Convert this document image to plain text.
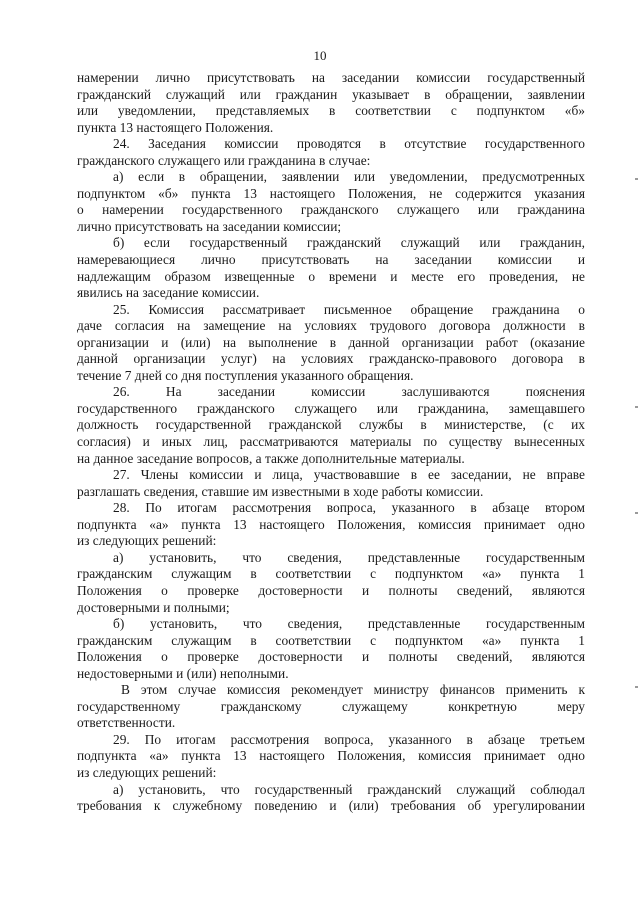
10
намерении лично присутствовать на заседании комиссии государственный
гражданский служащий или гражданин указывает в обращении, заявлении
или уведомлении, представляемых в соответствии с подпунктом «б»
пункта 13 настоящего Положения.
24. Заседания комиссии проводятся в отсутствие государственного
гражданского служащего или гражданина в случае:
а) если в обращении, заявлении или уведомлении, предусмотренных
подпунктом «б» пункта 13 настоящего Положения, не содержится указания
о намерении государственного гражданского служащего или гражданина
лично присутствовать на заседании комиссии;
б) если государственный гражданский служащий или гражданин,
намеревающиеся лично присутствовать на заседании комиссии и
надлежащим образом извещенные о времени и месте его проведения, не
явились на заседание комиссии.
25. Комиссия рассматривает письменное обращение гражданина о
даче согласия на замещение на условиях трудового договора должности в
организации и (или) на выполнение в данной организации работ (оказание
данной организации услуг) на условиях гражданско-правового договора в
течение 7 дней со дня поступления указанного обращения.
26. На заседании комиссии заслушиваются пояснения
государственного гражданского служащего или гражданина, замещавшего
должность государственной гражданской службы в министерстве, (с их
согласия) и иных лиц, рассматриваются материалы по существу вынесенных
на данное заседание вопросов, а также дополнительные материалы.
27. Члены комиссии и лица, участвовавшие в ее заседании, не вправе
разглашать сведения, ставшие им известными в ходе работы комиссии.
28. По итогам рассмотрения вопроса, указанного в абзаце втором
подпункта «а» пункта 13 настоящего Положения, комиссия принимает одно
из следующих решений:
а) установить, что сведения, представленные государственным
гражданским служащим в соответствии с подпунктом «а» пункта 1
Положения о проверке достоверности и полноты сведений, являются
достоверными и полными;
б) установить, что сведения, представленные государственным
гражданским служащим в соответствии с подпунктом «а» пункта 1
Положения о проверке достоверности и полноты сведений, являются
недостоверными и (или) неполными.
В этом случае комиссия рекомендует министру финансов применить к
государственному гражданскому служащему конкретную меру
ответственности.
29. По итогам рассмотрения вопроса, указанного в абзаце третьем
подпункта «а» пункта 13 настоящего Положения, комиссия принимает одно
из следующих решений:
а) установить, что государственный гражданский служащий соблюдал
требования к служебному поведению и (или) требования об урегулировании
